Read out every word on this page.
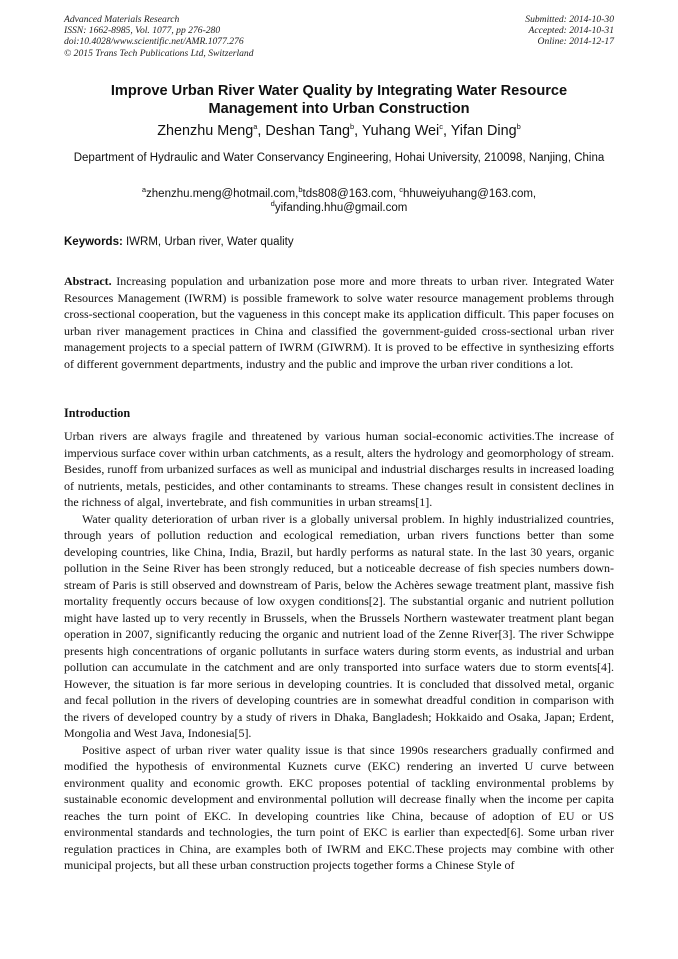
Advanced Materials Research
ISSN: 1662-8985, Vol. 1077, pp 276-280
doi:10.4028/www.scientific.net/AMR.1077.276
© 2015 Trans Tech Publications Ltd, Switzerland
Submitted: 2014-10-30
Accepted: 2014-10-31
Online: 2014-12-17
Improve Urban River Water Quality by Integrating Water Resource
Management into Urban Construction
Zhenzhu Meng$^a$, Deshan Tang$^b$, Yuhang Wei$^c$, Yifan Ding$^b$
Department of Hydraulic and Water Conservancy Engineering, Hohai University, 210098, Nanjing, China
$^a$zhenzhu.meng@hotmail.com,$^b$tds808@163.com, $^c$hhuweiyuhang@163.com,
$^d$yifanding.hhu@gmail.com
Keywords: IWRM, Urban river, Water quality
Abstract. Increasing population and urbanization pose more and more threats to urban river. Integrated Water Resources Management (IWRM) is possible framework to solve water resource management problems through cross-sectional cooperation, but the vagueness in this concept make its application difficult. This paper focuses on urban river management practices in China and classified the government-guided cross-sectional urban river management projects to a special pattern of IWRM (GIWRM). It is proved to be effective in synthesizing efforts of different government departments, industry and the public and improve the urban river conditions a lot.
Introduction

Urban rivers are always fragile and threatened by various human social-economic activities.The increase of impervious surface cover within urban catchments, as a result, alters the hydrology and geomorphology of stream. Besides, runoff from urbanized surfaces as well as municipal and industrial discharges results in increased loading of nutrients, metals, pesticides, and other contaminants to streams. These changes result in consistent declines in the richness of algal, invertebrate, and fish communities in urban streams[1].

Water quality deterioration of urban river is a globally universal problem. In highly industrialized countries, through years of pollution reduction and ecological remediation, urban rivers functions better than some developing countries, like China, India, Brazil, but hardly performs as natural state. In the last 30 years, organic pollution in the Seine River has been strongly reduced, but a noticeable decrease of fish species numbers down-stream of Paris is still observed and downstream of Paris, below the Achères sewage treatment plant, massive fish mortality frequently occurs because of low oxygen conditions[2]. The substantial organic and nutrient pollution might have lasted up to very recently in Brussels, when the Brussels Northern wastewater treatment plant began operation in 2007, significantly reducing the organic and nutrient load of the Zenne River[3]. The river Schwippe presents high concentrations of organic pollutants in surface waters during storm events, as industrial and urban pollution can accumulate in the catchment and are only transported into surface waters due to storm events[4]. However, the situation is far more serious in developing countries. It is concluded that dissolved metal, organic and fecal pollution in the rivers of developing countries are in somewhat dreadful condition in comparison with the rivers of developed country by a study of rivers in Dhaka, Bangladesh; Hokkaido and Osaka, Japan; Erdent, Mongolia and West Java, Indonesia[5].

Positive aspect of urban river water quality issue is that since 1990s researchers gradually confirmed and modified the hypothesis of environmental Kuznets curve (EKC) rendering an inverted U curve between environment quality and economic growth. EKC proposes potential of tackling environmental problems by sustainable economic development and environmental pollution will decrease finally when the income per capita reaches the turn point of EKC. In developing countries like China, because of adoption of EU or US environmental standards and technologies, the turn point of EKC is earlier than expected[6]. Some urban river regulation practices in China, are examples both of IWRM and EKC.These projects may combine with other municipal projects, but all these urban construction projects together forms a Chinese Style of
